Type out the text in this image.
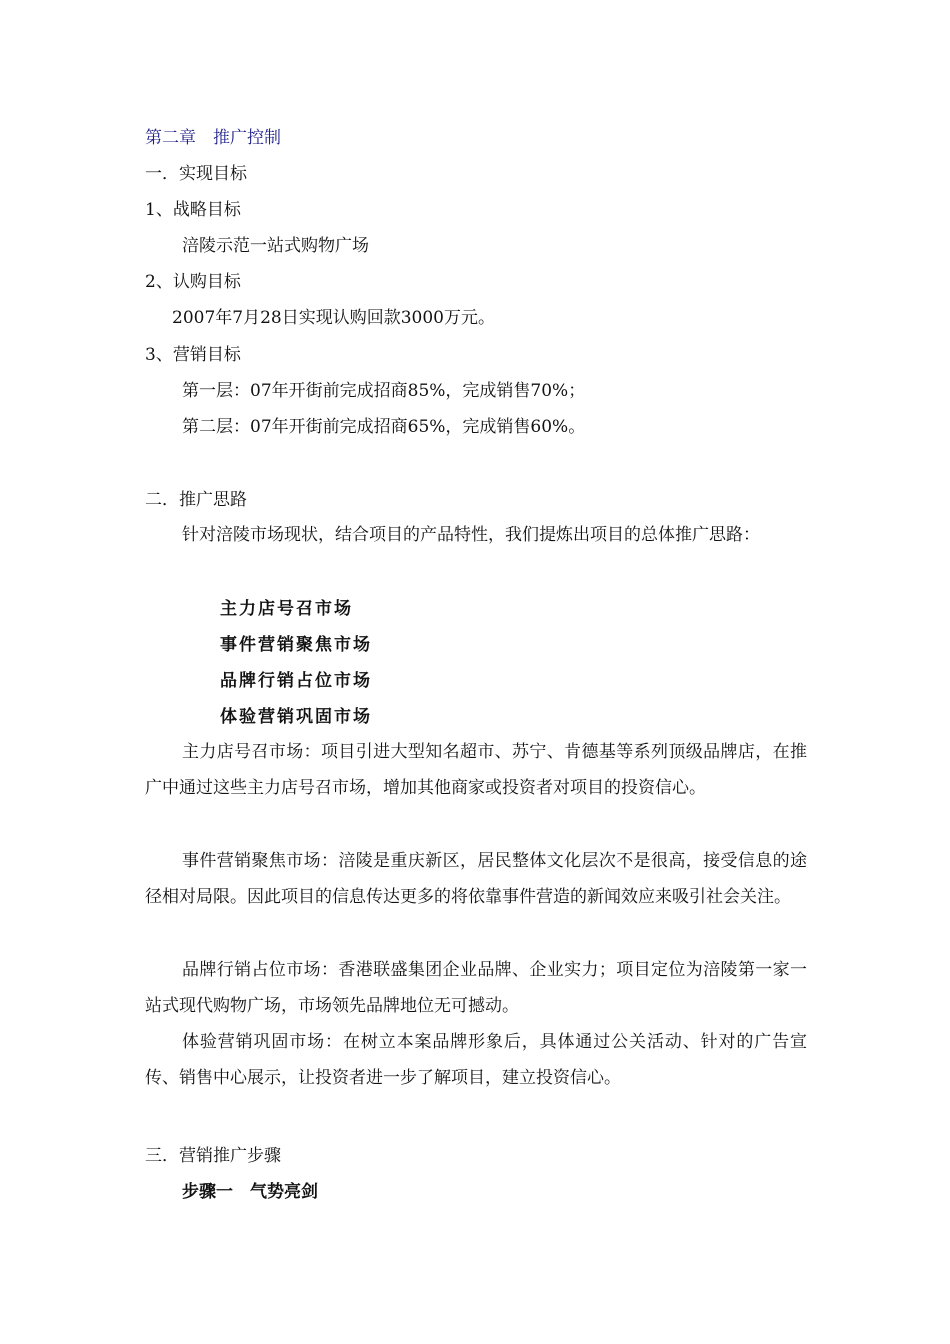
第二章　推广控制
一．实现目标
1、战略目标
涪陵示范一站式购物广场
2、认购目标
2007年7月28日实现认购回款3000万元。
3、营销目标
第一层：07年开街前完成招商85%，完成销售70%；
第二层：07年开街前完成招商65%，完成销售60%。
二．推广思路
针对涪陵市场现状，结合项目的产品特性，我们提炼出项目的总体推广思路：
主力店号召市场
事件营销聚焦市场
品牌行销占位市场
体验营销巩固市场
主力店号召市场：项目引进大型知名超市、苏宁、肯德基等系列顶级品牌店，在推广中通过这些主力店号召市场，增加其他商家或投资者对项目的投资信心。
事件营销聚焦市场：涪陵是重庆新区，居民整体文化层次不是很高，接受信息的途径相对局限。因此项目的信息传达更多的将依靠事件营造的新闻效应来吸引社会关注。
品牌行销占位市场：香港联盛集团企业品牌、企业实力；项目定位为涪陵第一家一站式现代购物广场，市场领先品牌地位无可撼动。
体验营销巩固市场：在树立本案品牌形象后，具体通过公关活动、针对的广告宣传、销售中心展示，让投资者进一步了解项目，建立投资信心。
三．营销推广步骤
步骤一　气势亮剑
